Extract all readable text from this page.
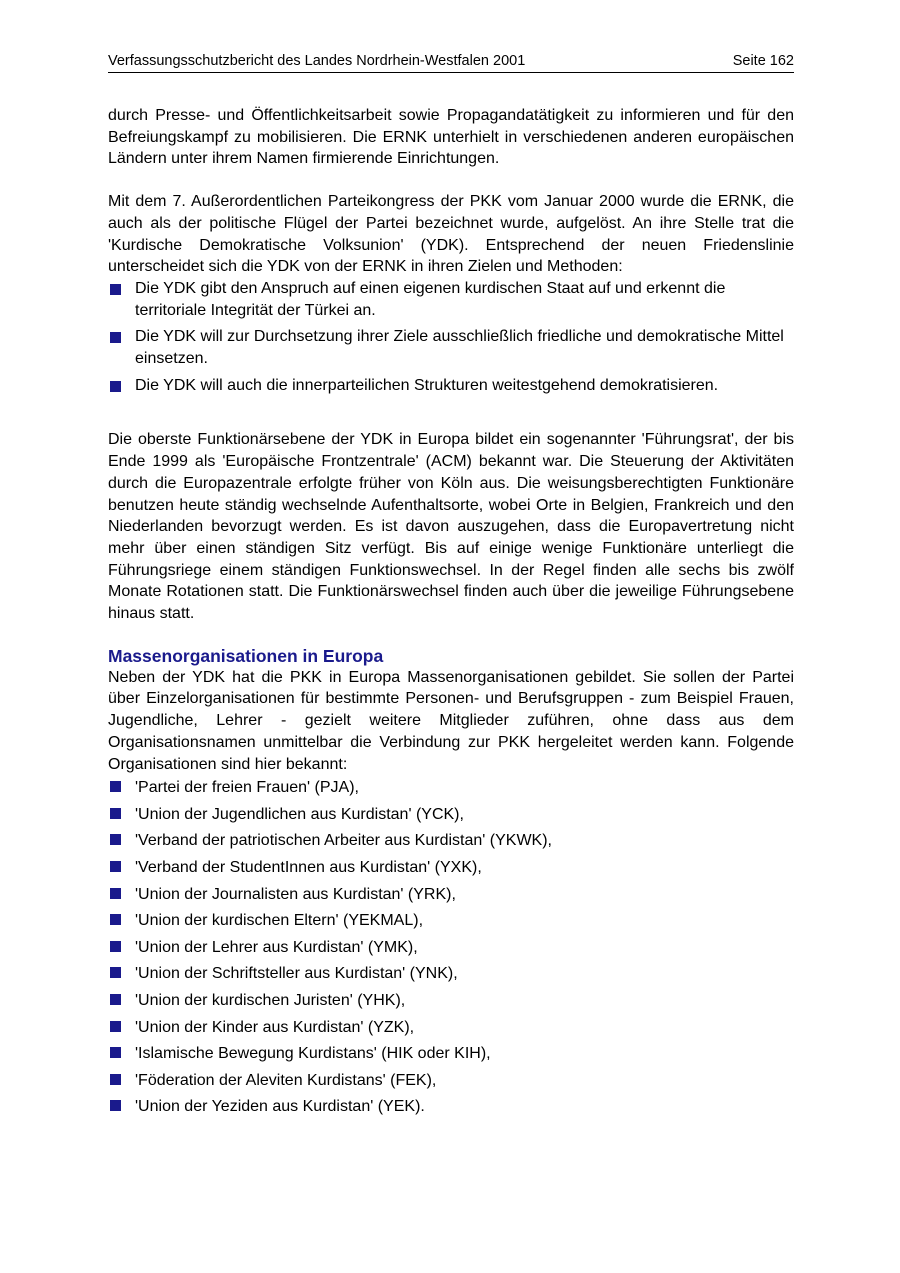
Verfassungsschutzbericht des Landes Nordrhein-Westfalen 2001	Seite 162

durch Presse- und Öffentlichkeitsarbeit sowie Propagandatätigkeit zu informieren und für den Befreiungskampf zu mobilisieren. Die ERNK unterhielt in verschiedenen anderen europäischen Ländern unter ihrem Namen firmierende Einrichtungen.

Mit dem 7. Außerordentlichen Parteikongress der PKK vom Januar 2000 wurde die ERNK, die auch als der politische Flügel der Partei bezeichnet wurde, aufgelöst. An ihre Stelle trat die 'Kurdische Demokratische Volksunion' (YDK). Entsprechend der neuen Friedenslinie unterscheidet sich die YDK von der ERNK in ihren Zielen und Methoden:

Die YDK gibt den Anspruch auf einen eigenen kurdischen Staat auf und erkennt die territoriale Integrität der Türkei an.
Die YDK will zur Durchsetzung ihrer Ziele ausschließlich friedliche und demokratische Mittel einsetzen.
Die YDK will auch die innerparteilichen Strukturen weitestgehend demokratisieren.

Die oberste Funktionärsebene der YDK in Europa bildet ein sogenannter 'Führungsrat', der bis Ende 1999 als 'Europäische Frontzentrale' (ACM) bekannt war. Die Steuerung der Aktivitäten durch die Europazentrale erfolgte früher von Köln aus. Die weisungsberechtigten Funktionäre benutzen heute ständig wechselnde Aufenthaltsorte, wobei Orte in Belgien, Frankreich und den Niederlanden bevorzugt werden. Es ist davon auszugehen, dass die Europavertretung nicht mehr über einen ständigen Sitz verfügt. Bis auf einige wenige Funktionäre unterliegt die Führungsriege einem ständigen Funktionswechsel. In der Regel finden alle sechs bis zwölf Monate Rotationen statt. Die Funktionärswechsel finden auch über die jeweilige Führungsebene hinaus statt.

Massenorganisationen in Europa

Neben der YDK hat die PKK in Europa Massenorganisationen gebildet. Sie sollen der Partei über Einzelorganisationen für bestimmte Personen- und Berufsgruppen - zum Beispiel Frauen, Jugendliche, Lehrer - gezielt weitere Mitglieder zuführen, ohne dass aus dem Organisationsnamen unmittelbar die Verbindung zur PKK hergeleitet werden kann. Folgende Organisationen sind hier bekannt:

'Partei der freien Frauen' (PJA),
'Union der Jugendlichen aus Kurdistan' (YCK),
'Verband der patriotischen Arbeiter aus Kurdistan' (YKWK),
'Verband der StudentInnen aus Kurdistan' (YXK),
'Union der Journalisten aus Kurdistan' (YRK),
'Union der kurdischen Eltern' (YEKMAL),
'Union der Lehrer aus Kurdistan' (YMK),
'Union der Schriftsteller aus Kurdistan' (YNK),
'Union der kurdischen Juristen' (YHK),
'Union der Kinder aus Kurdistan' (YZK),
'Islamische Bewegung Kurdistans' (HIK oder KIH),
'Föderation der Aleviten Kurdistans' (FEK),
'Union der Yeziden aus Kurdistan' (YEK).
